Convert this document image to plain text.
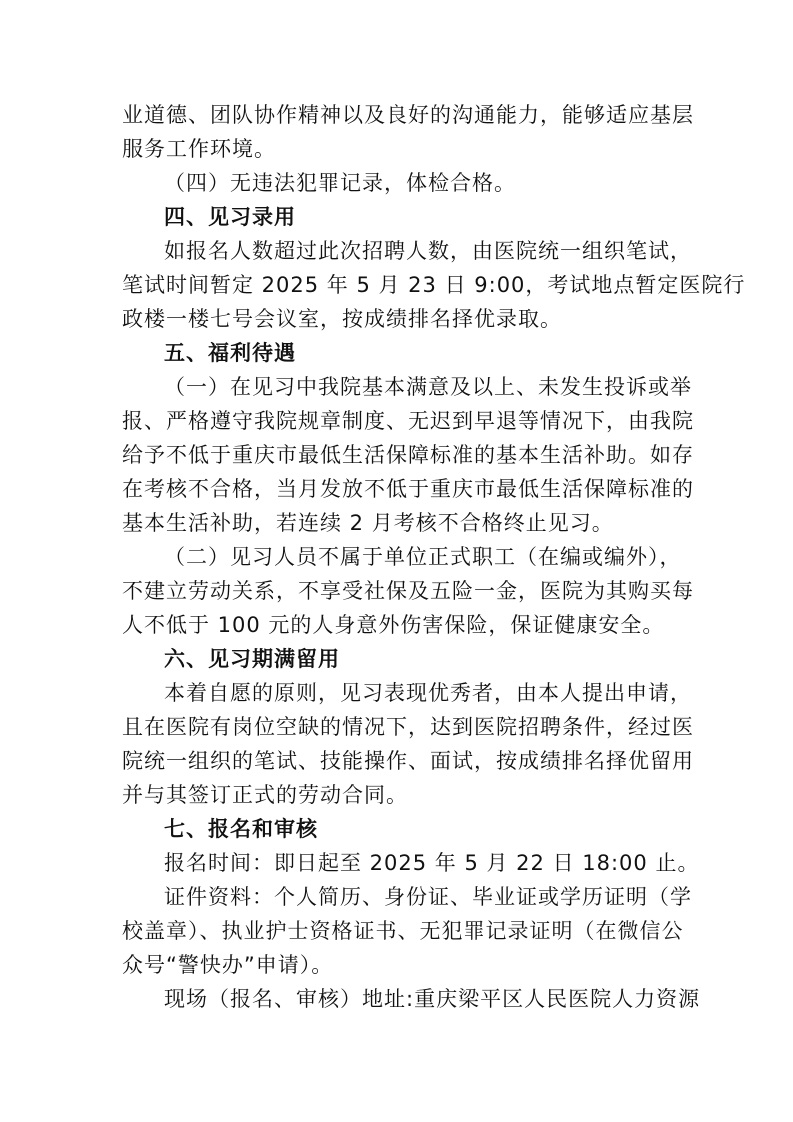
业道德、团队协作精神以及良好的沟通能力，能够适应基层
服务工作环境。
（四）无违法犯罪记录，体检合格。
四、见习录用
如报名人数超过此次招聘人数，由医院统一组织笔试，
笔试时间暂定 2025 年 5 月 23 日 9:00，考试地点暂定医院行
政楼一楼七号会议室，按成绩排名择优录取。
五、福利待遇
（一）在见习中我院基本满意及以上、未发生投诉或举
报、严格遵守我院规章制度、无迟到早退等情况下，由我院
给予不低于重庆市最低生活保障标准的基本生活补助。如存
在考核不合格，当月发放不低于重庆市最低生活保障标准的
基本生活补助，若连续 2 月考核不合格终止见习。
（二）见习人员不属于单位正式职工（在编或编外），
不建立劳动关系，不享受社保及五险一金，医院为其购买每
人不低于 100 元的人身意外伤害保险，保证健康安全。
六、见习期满留用
本着自愿的原则，见习表现优秀者，由本人提出申请，
且在医院有岗位空缺的情况下，达到医院招聘条件，经过医
院统一组织的笔试、技能操作、面试，按成绩排名择优留用
并与其签订正式的劳动合同。
七、报名和审核
报名时间：即日起至 2025 年 5 月 22 日 18:00 止。
证件资料：个人简历、身份证、毕业证或学历证明（学
校盖章）、执业护士资格证书、无犯罪记录证明（在微信公
众号“警快办”申请）。
现场（报名、审核）地址:重庆梁平区人民医院人力资源
